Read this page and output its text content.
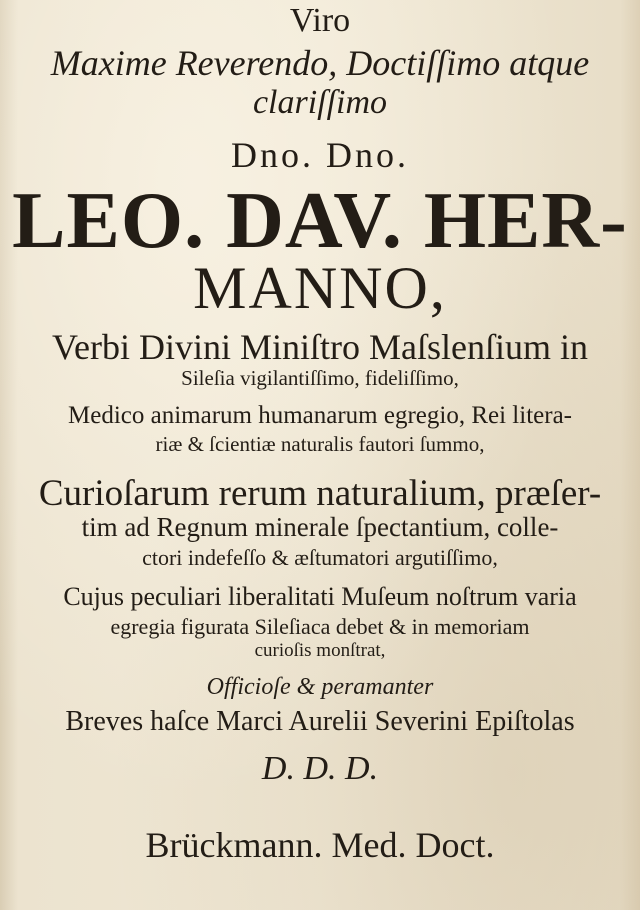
Viro
Maxime Reverendo, Doctiſſimo atque
clariſſimo
Dno. Dno.
LEO. DAV. HER-
MANNO,
Verbi Divini Miniſtro Maſslenſium in
Sileſia vigilantiſſimo, fideliſſimo,
Medico animarum humanarum egregio, Rei litera-
riæ & ſcientiæ naturalis fautori ſummo,
Curioſarum rerum naturalium, præſer-
tim ad Regnum minerale ſpectantium, colle-
ctori indefeſſo & æſtumatori argutiſſimo,
Cujus peculiari liberalitati Muſeum noſtrum varia
egregia figurata Sileſiaca debet & in memoriam
curioſis monſtrat,
Officioſe & peramanter
Breves haſce Marci Aurelii Severini Epiſtolas
D. D. D.
Brückmann. Med. Doct.
